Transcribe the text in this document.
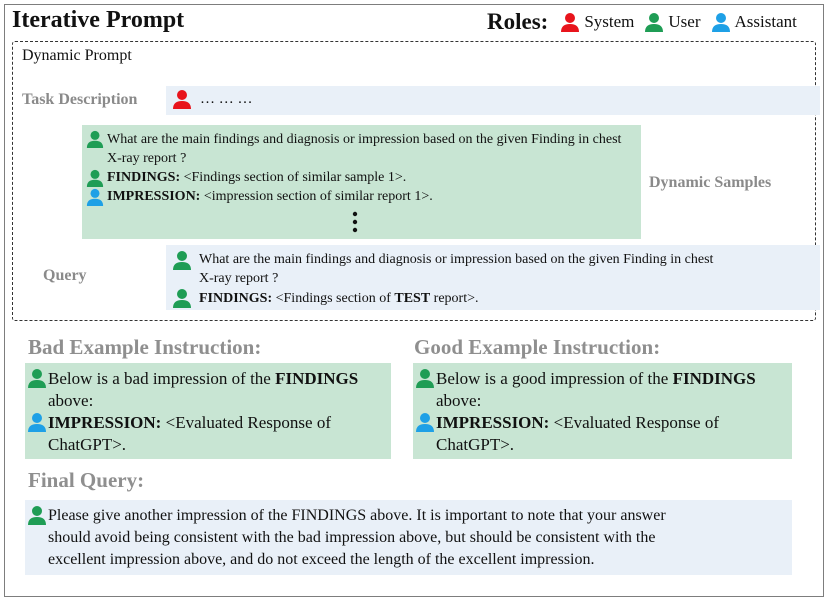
Iterative Prompt	Roles: System User Assistant
Dynamic Prompt
Task Description	… … …
Dynamic Samples
What are the main findings and diagnosis or impression based on the given Finding in chest
X-ray report ?
FINDINGS: <Findings section of similar sample 1>.
IMPRESSION: <impression section of similar report 1>.
Query
What are the main findings and diagnosis or impression based on the given Finding in chest
X-ray report ?
FINDINGS: <Findings section of TEST report>.
Bad Example Instruction:
Below is a bad impression of the FINDINGS
above:
IMPRESSION: <Evaluated Response of
ChatGPT>.
Good Example Instruction:
Below is a good impression of the FINDINGS
above:
IMPRESSION: <Evaluated Response of
ChatGPT>.
Final Query:
Please give another impression of the FINDINGS above. It is important to note that your answer
should avoid being consistent with the bad impression above, but should be consistent with the
excellent impression above, and do not exceed the length of the excellent impression.
